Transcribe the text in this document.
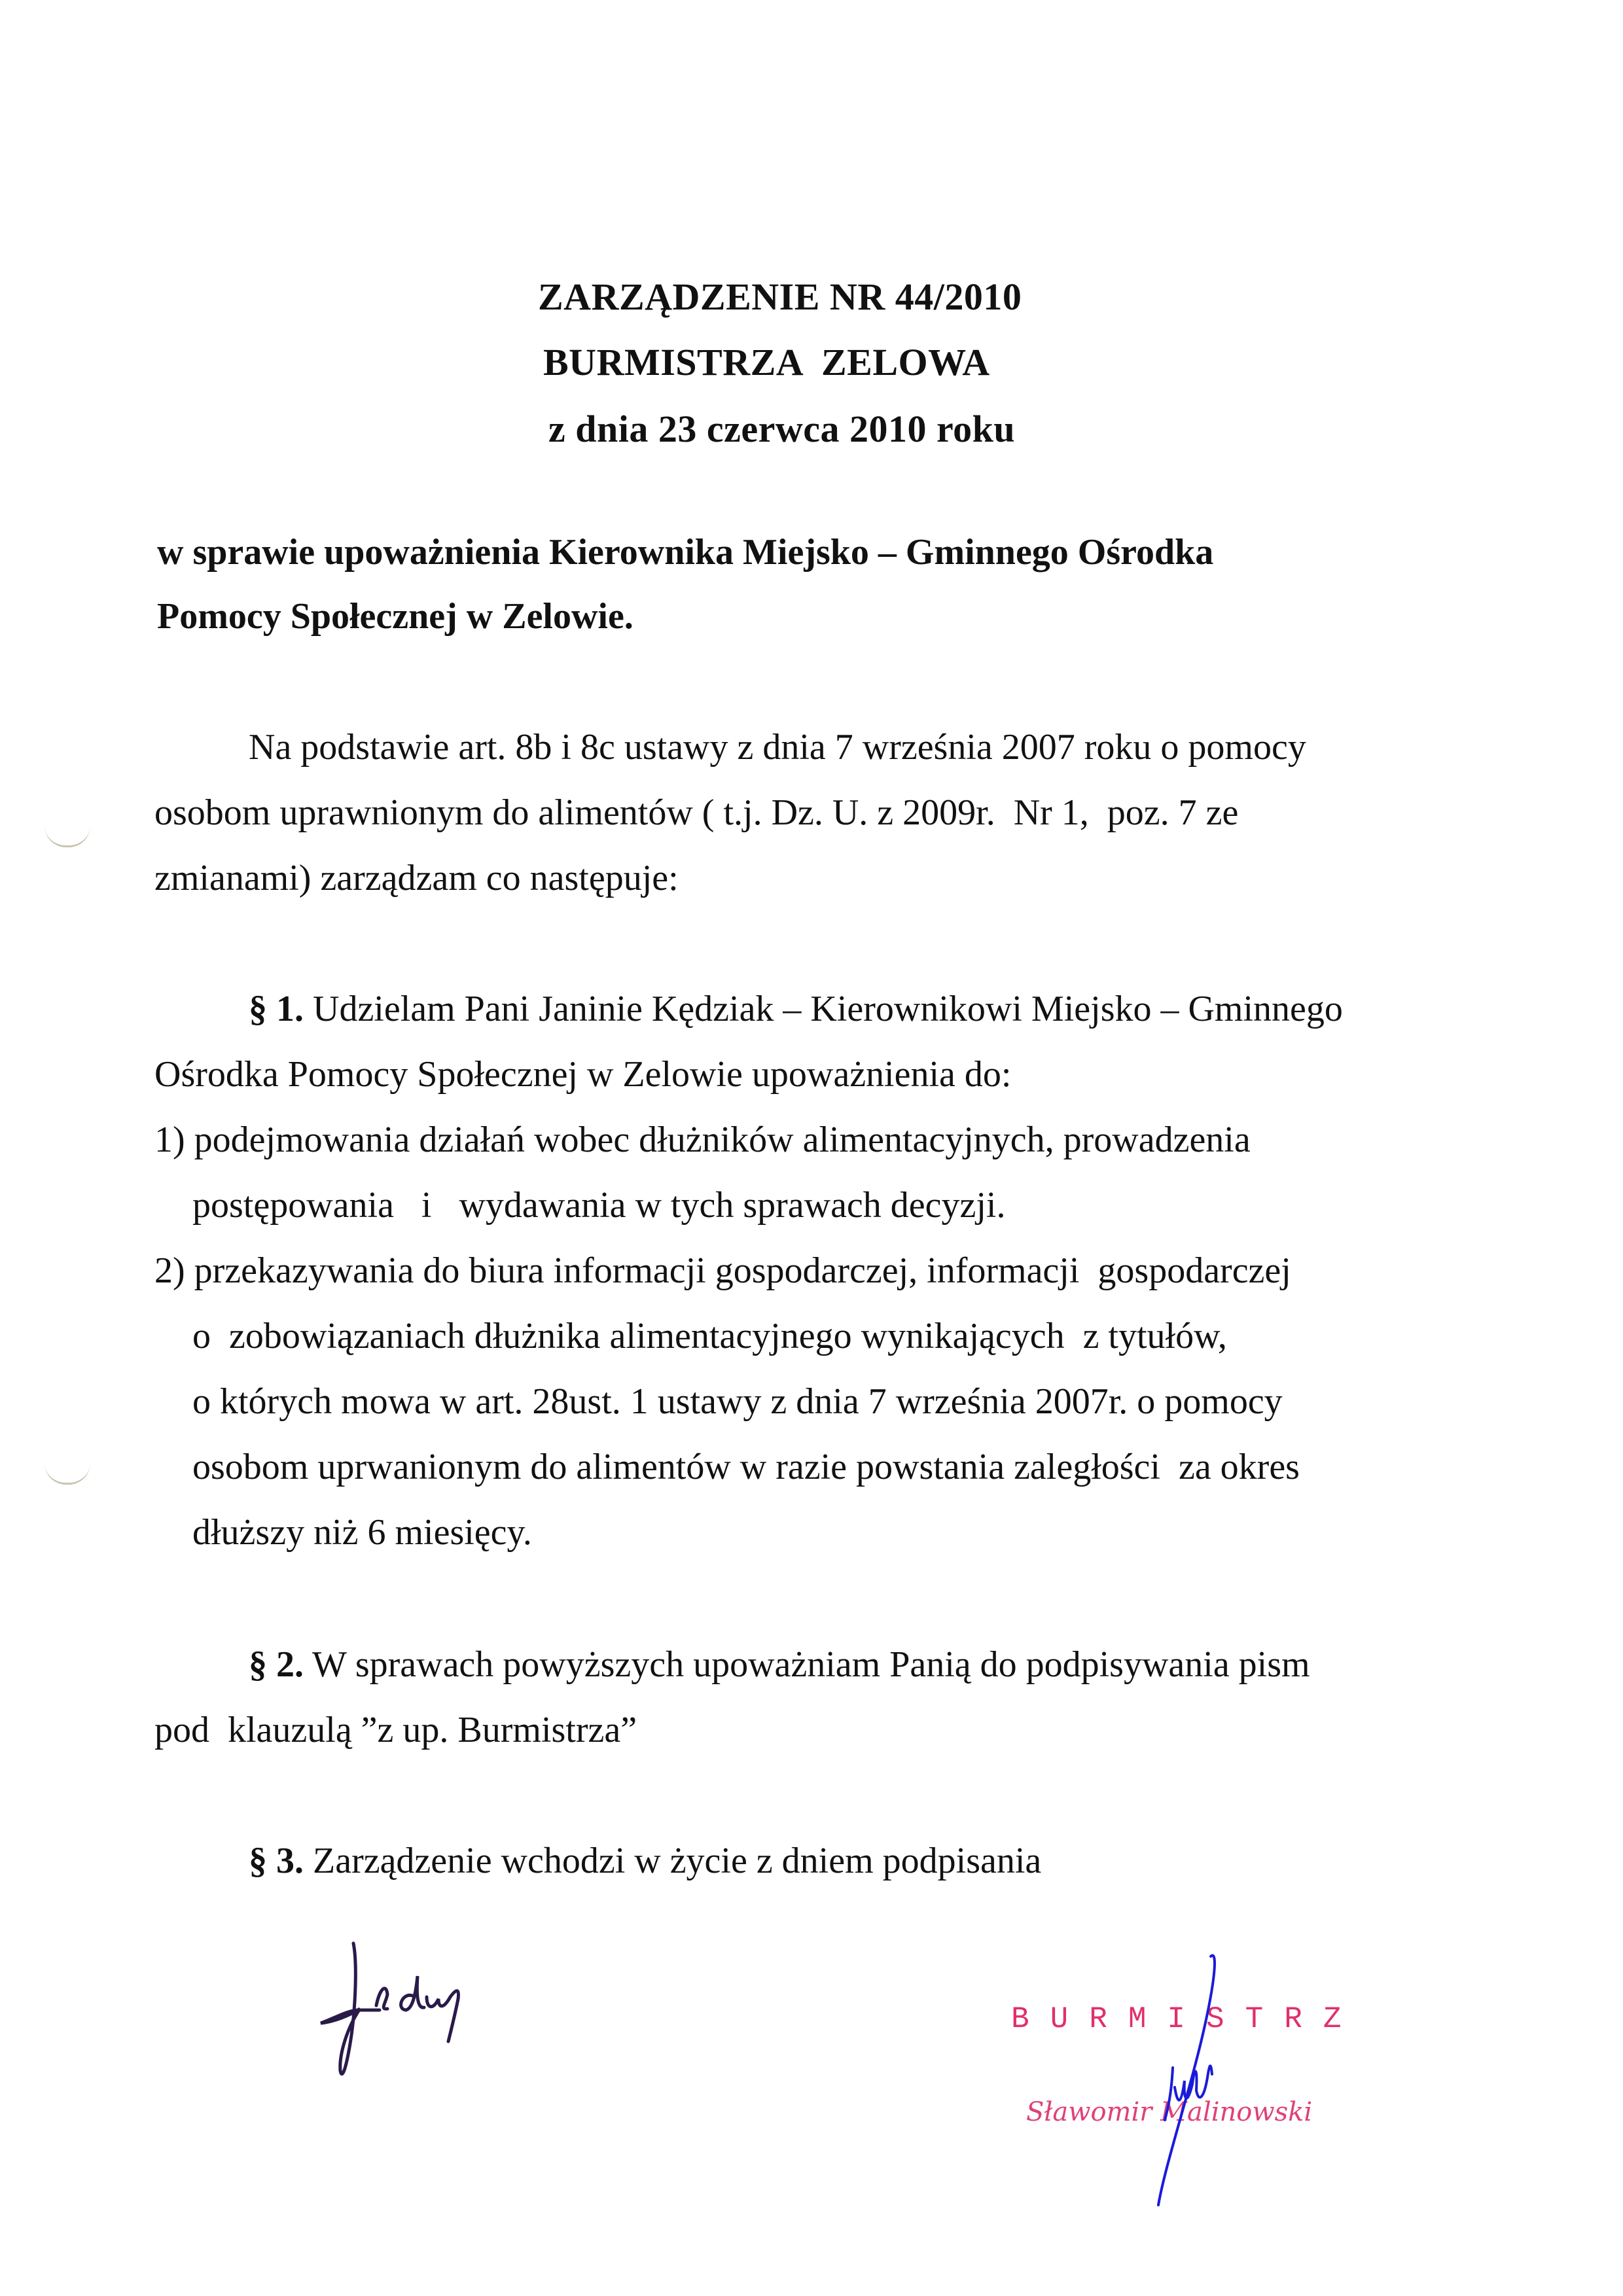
ZARZĄDZENIE NR 44/2010
BURMISTRZA  ZELOWA
z dnia 23 czerwca 2010 roku
w sprawie upoważnienia Kierownika Miejsko – Gminnego Ośrodka
Pomocy Społecznej w Zelowie.
Na podstawie art. 8b i 8c ustawy z dnia 7 września 2007 roku o pomocy
osobom uprawnionym do alimentów ( t.j. Dz. U. z 2009r.  Nr 1,  poz. 7 ze
zmianami) zarządzam co następuje:
§ 1. Udzielam Pani Janinie Kędziak – Kierownikowi Miejsko – Gminnego
Ośrodka Pomocy Społecznej w Zelowie upoważnienia do:
1) podejmowania działań wobec dłużników alimentacyjnych, prowadzenia
postępowania   i   wydawania w tych sprawach decyzji.
2) przekazywania do biura informacji gospodarczej, informacji  gospodarczej
o  zobowiązaniach dłużnika alimentacyjnego wynikających  z tytułów,
o których mowa w art. 28ust. 1 ustawy z dnia 7 września 2007r. o pomocy
osobom uprwanionym do alimentów w razie powstania zaległości  za okres
dłuższy niż 6 miesięcy.
§ 2. W sprawach powyższych upoważniam Panią do podpisywania pism
pod  klauzulą ”z up. Burmistrza”
§ 3. Zarządzenie wchodzi w życie z dniem podpisania
BURMISTRZ
Sławomir Malinowski
